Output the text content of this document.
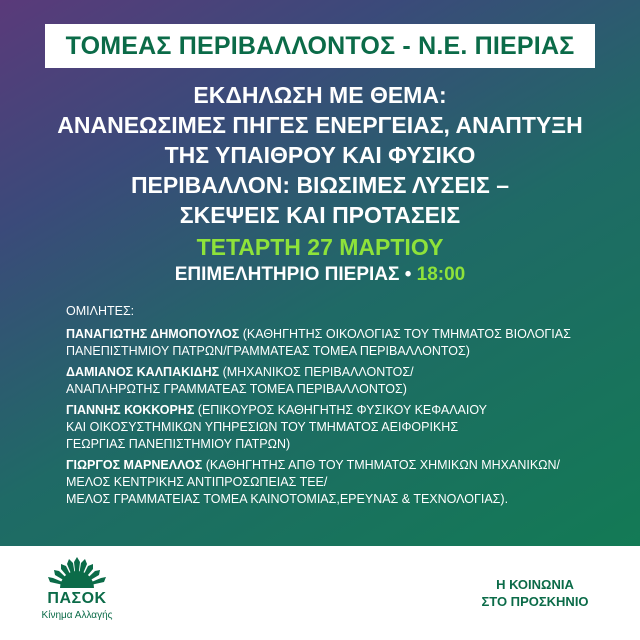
ΤΟΜΕΑΣ ΠΕΡΙΒΑΛΛΟΝΤΟΣ - Ν.Ε. ΠΙΕΡΙΑΣ
ΕΚΔΗΛΩΣΗ ΜΕ ΘΕΜΑ:
ΑΝΑΝΕΩΣΙΜΕΣ ΠΗΓΕΣ ΕΝΕΡΓΕΙΑΣ, ΑΝΑΠΤΥΞΗ
ΤΗΣ ΥΠΑΙΘΡΟΥ ΚΑΙ ΦΥΣΙΚΟ
ΠΕΡΙΒΑΛΛΟΝ: ΒΙΩΣΙΜΕΣ ΛΥΣΕΙΣ –
ΣΚΕΨΕΙΣ ΚΑΙ ΠΡΟΤΑΣΕΙΣ
ΤΕΤΑΡΤΗ 27 ΜΑΡΤΙΟΥ
ΕΠΙΜΕΛΗΤΗΡΙΟ ΠΙΕΡΙΑΣ • 18:00
ΟΜΙΛΗΤΕΣ:
ΠΑΝΑΓΙΩΤΗΣ ΔΗΜΟΠΟΥΛΟΣ (ΚΑΘΗΓΗΤΗΣ ΟΙΚΟΛΟΓΙΑΣ ΤΟΥ ΤΜΗΜΑΤΟΣ ΒΙΟΛΟΓΙΑΣ
ΠΑΝΕΠΙΣΤΗΜΙΟΥ ΠΑΤΡΩΝ/ΓΡΑΜΜΑΤΕΑΣ ΤΟΜΕΑ ΠΕΡΙΒΑΛΛΟΝΤΟΣ)
ΔΑΜΙΑΝΟΣ ΚΑΛΠΑΚΙΔΗΣ (ΜΗΧΑΝΙΚΟΣ ΠΕΡΙΒΑΛΛΟΝΤΟΣ/
ΑΝΑΠΛΗΡΩΤΗΣ ΓΡΑΜΜΑΤΕΑΣ ΤΟΜΕΑ ΠΕΡΙΒΑΛΛΟΝΤΟΣ)
ΓΙΑΝΝΗΣ ΚΟΚΚΟΡΗΣ (ΕΠΙΚΟΥΡΟΣ ΚΑΘΗΓΗΤΗΣ ΦΥΣΙΚΟΥ ΚΕΦΑΛΑΙΟΥ
ΚΑΙ ΟΙΚΟΣΥΣΤΗΜΙΚΩΝ ΥΠΗΡΕΣΙΩΝ ΤΟΥ ΤΜΗΜΑΤΟΣ ΑΕΙΦΟΡΙΚΗΣ
ΓΕΩΡΓΙΑΣ ΠΑΝΕΠΙΣΤΗΜΙΟΥ ΠΑΤΡΩΝ)
ΓΙΩΡΓΟΣ ΜΑΡΝΕΛΛΟΣ (ΚΑΘΗΓΗΤΗΣ ΑΠΘ ΤΟΥ ΤΜΗΜΑΤΟΣ ΧΗΜΙΚΩΝ ΜΗΧΑΝΙΚΩΝ/
ΜΕΛΟΣ ΚΕΝΤΡΙΚΗΣ ΑΝΤΙΠΡΟΣΩΠΕΙΑΣ ΤΕΕ/
ΜΕΛΟΣ ΓΡΑΜΜΑΤΕΙΑΣ ΤΟΜΕΑ ΚΑΙΝΟΤΟΜΙΑΣ,ΕΡΕΥΝΑΣ & ΤΕΧΝΟΛΟΓΙΑΣ).
ΠΑΣΟΚ
Κίνημα Αλλαγής
Η ΚΟΙΝΩΝΙΑ
ΣΤΟ ΠΡΟΣΚΗΝΙΟ
